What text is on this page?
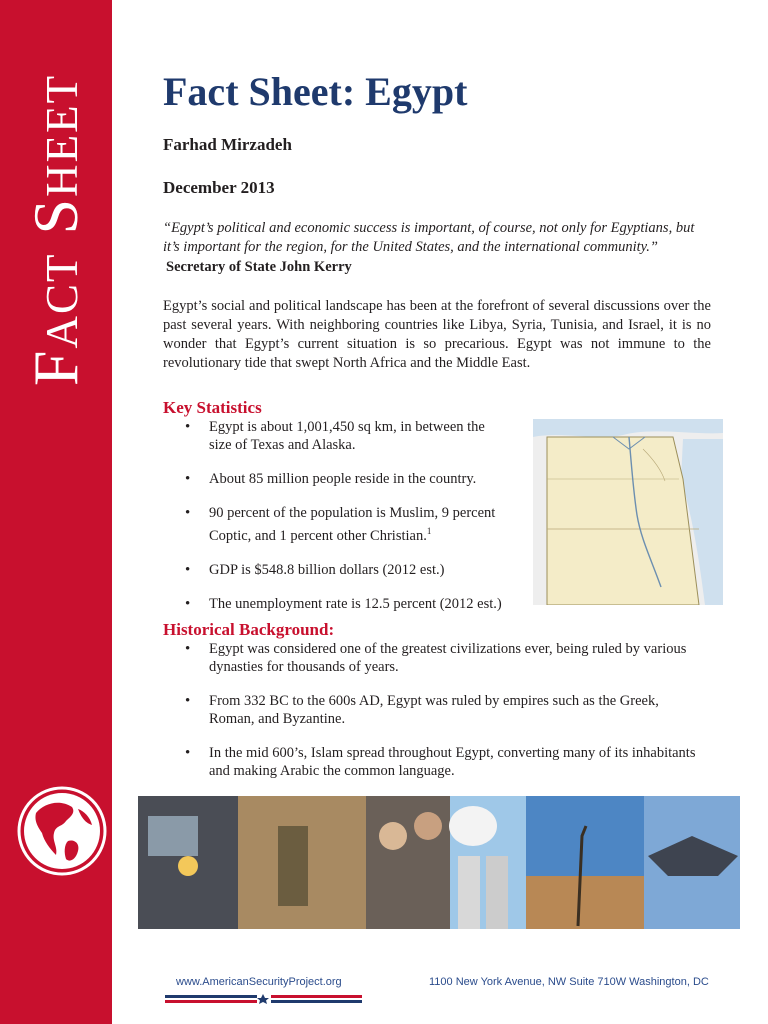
Fact Sheet Fact Sheet: Egypt
Farhad Mirzadeh
December 2013
“Egypt’s political and economic success is important, of course, not only for Egyptians, but it’s important for the region, for the United States, and the international community.”
Secretary of State John Kerry
Egypt’s social and political landscape has been at the forefront of several discussions over the past several years. With neighboring countries like Libya, Syria, Tunisia, and Israel, it is no wonder that Egypt’s current situation is so precarious. Egypt was not immune to the revolutionary tide that swept North Africa and the Middle East.
Key Statistics
• Egypt is about 1,001,450 sq km, in between the size of Texas and Alaska.
• About 85 million people reside in the country.
• 90 percent of the population is Muslim, 9 percent Coptic, and 1 percent other Christian.$^1$
• GDP is $548.8 billion dollars (2012 est.)
• The unemployment rate is 12.5 percent (2012 est.)
Historical Background:
• Egypt was considered one of the greatest civilizations ever, being ruled by various dynasties for thousands of years.
• From 332 BC to the 600s AD, Egypt was ruled by empires such as the Greek, Roman, and Byzantine.
• In the mid 600’s, Islam spread throughout Egypt, converting many of its inhabitants and making Arabic the common language.
www.AmericanSecurityProject.org	1100 New York Avenue, NW Suite 710W Washington, DC
